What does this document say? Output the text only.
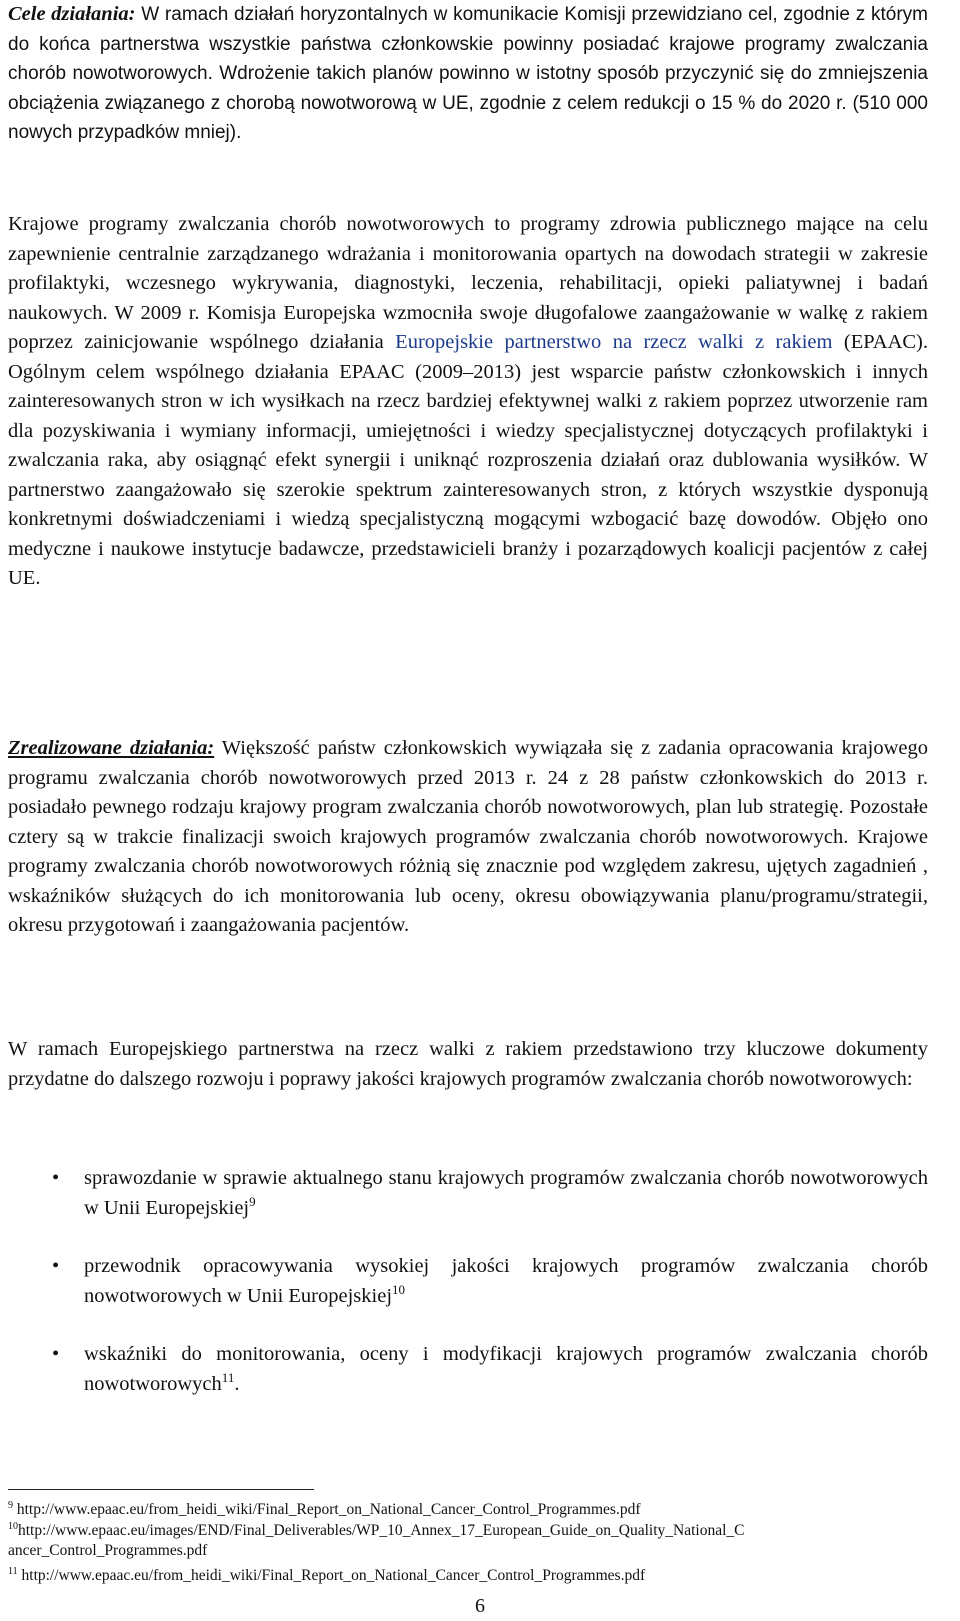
Cele działania: W ramach działań horyzontalnych w komunikacie Komisji przewidziano cel, zgodnie z którym do końca partnerstwa wszystkie państwa członkowskie powinny posiadać krajowe programy zwalczania chorób nowotworowych. Wdrożenie takich planów powinno w istotny sposób przyczynić się do zmniejszenia obciążenia związanego z chorobą nowotworową w UE, zgodnie z celem redukcji o 15 % do 2020 r. (510 000 nowych przypadków mniej).

Krajowe programy zwalczania chorób nowotworowych to programy zdrowia publicznego mające na celu zapewnienie centralnie zarządzanego wdrażania i monitorowania opartych na dowodach strategii w zakresie profilaktyki, wczesnego wykrywania, diagnostyki, leczenia, rehabilitacji, opieki paliatywnej i badań naukowych. W 2009 r. Komisja Europejska wzmocniła swoje długofalowe zaangażowanie w walkę z rakiem poprzez zainicjowanie wspólnego działania Europejskie partnerstwo na rzecz walki z rakiem (EPAAC). Ogólnym celem wspólnego działania EPAAC (2009–2013) jest wsparcie państw członkowskich i innych zainteresowanych stron w ich wysiłkach na rzecz bardziej efektywnej walki z rakiem poprzez utworzenie ram dla pozyskiwania i wymiany informacji, umiejętności i wiedzy specjalistycznej dotyczących profilaktyki i zwalczania raka, aby osiągnąć efekt synergii i uniknąć rozproszenia działań oraz dublowania wysiłków. W partnerstwo zaangażowało się szerokie spektrum zainteresowanych stron, z których wszystkie dysponują konkretnymi doświadczeniami i wiedzą specjalistyczną mogącymi wzbogacić bazę dowodów. Objęło ono medyczne i naukowe instytucje badawcze, przedstawicieli branży i pozarządowych koalicji pacjentów z całej UE.

Zrealizowane działania: Większość państw członkowskich wywiązała się z zadania opracowania krajowego programu zwalczania chorób nowotworowych przed 2013 r. 24 z 28 państw członkowskich do 2013 r. posiadało pewnego rodzaju krajowy program zwalczania chorób nowotworowych, plan lub strategię. Pozostałe cztery są w trakcie finalizacji swoich krajowych programów zwalczania chorób nowotworowych. Krajowe programy zwalczania chorób nowotworowych różnią się znacznie pod względem zakresu, ujętych zagadnień , wskaźników służących do ich monitorowania lub oceny, okresu obowiązywania planu/programu/strategii, okresu przygotowań i zaangażowania pacjentów.

W ramach Europejskiego partnerstwa na rzecz walki z rakiem przedstawiono trzy kluczowe dokumenty przydatne do dalszego rozwoju i poprawy jakości krajowych programów zwalczania chorób nowotworowych:

• sprawozdanie w sprawie aktualnego stanu krajowych programów zwalczania chorób nowotworowych w Unii Europejskiej$^9$
• przewodnik opracowywania wysokiej jakości krajowych programów zwalczania chorób nowotworowych w Unii Europejskiej$^{10}$
• wskaźniki do monitorowania, oceny i modyfikacji krajowych programów zwalczania chorób nowotworowych$^{11}$.
$^9$ http://www.epaac.eu/from_heidi_wiki/Final_Report_on_National_Cancer_Control_Programmes.pdf
$^{10}$http://www.epaac.eu/images/END/Final_Deliverables/WP_10_Annex_17_European_Guide_on_Quality_National_C ancer_Control_Programmes.pdf
$^{11}$ http://www.epaac.eu/from_heidi_wiki/Final_Report_on_National_Cancer_Control_Programmes.pdf
6
